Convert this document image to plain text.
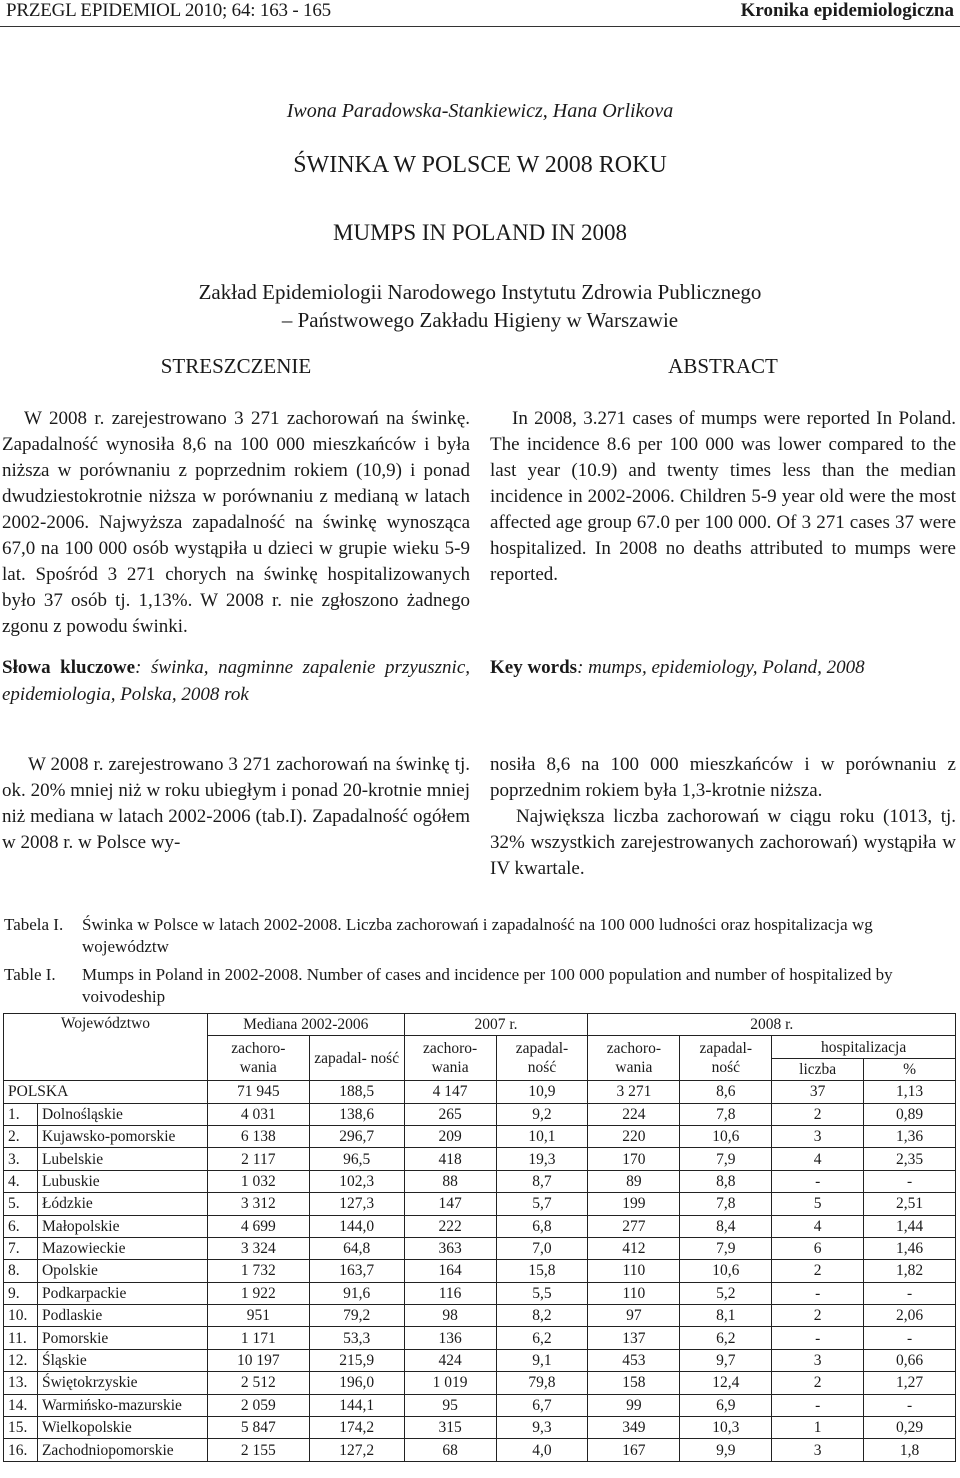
PRZEGL EPIDEMIOL 2010; 64: 163 - 165	Kronika epidemiologiczna
Iwona Paradowska-Stankiewicz, Hana Orlikova
ŚWINKA W POLSCE W 2008 ROKU
MUMPS IN POLAND IN 2008
Zakład Epidemiologii Narodowego Instytutu Zdrowia Publicznego
– Państwowego Zakładu Higieny w Warszawie
STRESZCZENIE	ABSTRACT

W 2008 r. zarejestrowano 3 271 zachorowań na świnkę. Zapadalność wynosiła 8,6 na 100 000 mieszkańców i była niższa w porównaniu z poprzednim rokiem (10,9) i ponad dwudziestokrotnie niższa w porównaniu z medianą w latach 2002-2006. Najwyższa zapadalność na świnkę wynosząca 67,0 na 100 000 osób wystąpiła u dzieci w grupie wieku 5-9 lat. Spośród 3 271 chorych na świnkę hospitalizowanych było 37 osób tj. 1,13%. W 2008 r. nie zgłoszono żadnego zgonu z powodu świnki.

In 2008, 3.271 cases of mumps were reported In Poland. The incidence 8.6 per 100 000 was lower compared to the last year (10.9) and twenty times less than the median incidence in 2002-2006. Children 5-9 year old were the most affected age group 67.0 per 100 000. Of 3 271 cases 37 were hospitalized. In 2008 no deaths attributed to mumps were reported.

Słowa kluczowe: świnka, nagminne zapalenie przyusznic, epidemiologia, Polska, 2008 rok
Key words: mumps, epidemiology, Poland, 2008

W 2008 r. zarejestrowano 3 271 zachorowań na świnkę tj. ok. 20% mniej niż w roku ubiegłym i ponad 20-krotnie mniej niż mediana w latach 2002-2006 (tab.I). Zapadalność ogółem w 2008 r. w Polsce wy-

nosiła 8,6 na 100 000 mieszkańców i w porównaniu z poprzednim rokiem była 1,3-krotnie niższa.

Największa liczba zachorowań w ciągu roku (1013, tj. 32% wszystkich zarejestrowanych zachorowań) wystąpiła w IV kwartale.

Tabela I. Świnka w Polsce w latach 2002-2008. Liczba zachorowań i zapadalność na 100 000 ludności oraz hospitalizacja wg województw
Table I. Mumps in Poland in 2002-2008. Number of cases and incidence per 100 000 population and number of hospitalized by voivodeship
Województwo		Mediana 2002-2006		2007 r.		2008 r.			
		zachoro- wania	zapadal- ność	zachoro- wania	zapadal- ność	zachoro- wania	zapadal- ność	hospitalizacja	
								liczba	%
POLSKA		71 945	188,5	4 147	10,9	3 271	8,6	37	1,13
1.	Dolnośląskie	4 031	138,6	265	9,2	224	7,8	2	0,89
2.	Kujawsko-pomorskie	6 138	296,7	209	10,1	220	10,6	3	1,36
3.	Lubelskie	2 117	96,5	418	19,3	170	7,9	4	2,35
4.	Lubuskie	1 032	102,3	88	8,7	89	8,8	-	-
5.	Łódzkie	3 312	127,3	147	5,7	199	7,8	5	2,51
6.	Małopolskie	4 699	144,0	222	6,8	277	8,4	4	1,44
7.	Mazowieckie	3 324	64,8	363	7,0	412	7,9	6	1,46
8.	Opolskie	1 732	163,7	164	15,8	110	10,6	2	1,82
9.	Podkarpackie	1 922	91,6	116	5,5	110	5,2	-	-
10.	Podlaskie	951	79,2	98	8,2	97	8,1	2	2,06
11.	Pomorskie	1 171	53,3	136	6,2	137	6,2	-	-
12.	Śląskie	10 197	215,9	424	9,1	453	9,7	3	0,66
13.	Świętokrzyskie	2 512	196,0	1 019	79,8	158	12,4	2	1,27
14.	Warmińsko-mazurskie	2 059	144,1	95	6,7	99	6,9	-	-
15.	Wielkopolskie	5 847	174,2	315	9,3	349	10,3	1	0,29
16.	Zachodniopomorskie	2 155	127,2	68	4,0	167	9,9	3	1,8
